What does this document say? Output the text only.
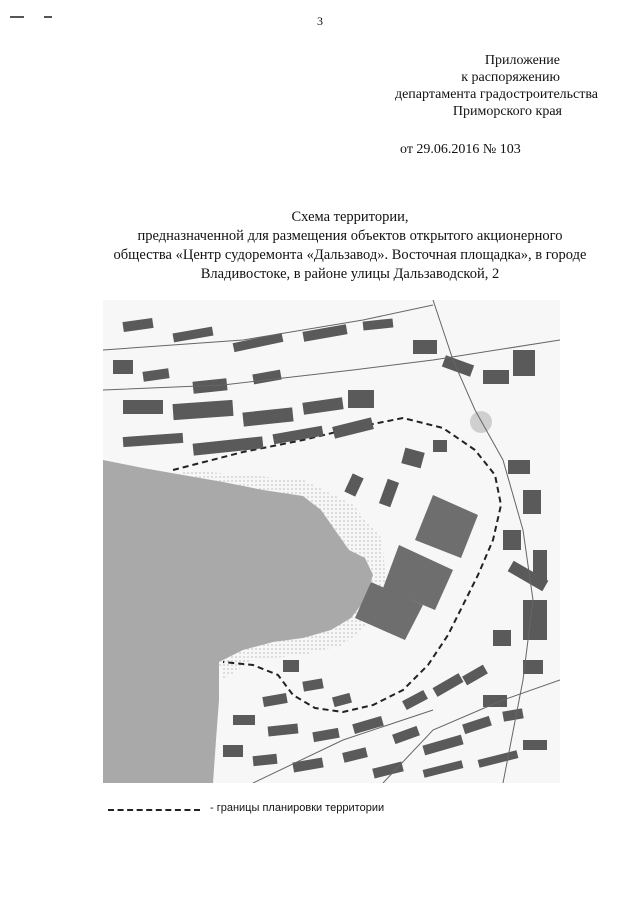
3
Приложение
к распоряжению
департамента градостроительства
Приморского края
от 29.06.2016 № 103
Схема территории,
предназначенной для размещения объектов открытого акционерного
общества «Центр судоремонта «Дальзавод». Восточная площадка», в городе
Владивостоке, в районе улицы Дальзаводской, 2
- границы планировки территории
